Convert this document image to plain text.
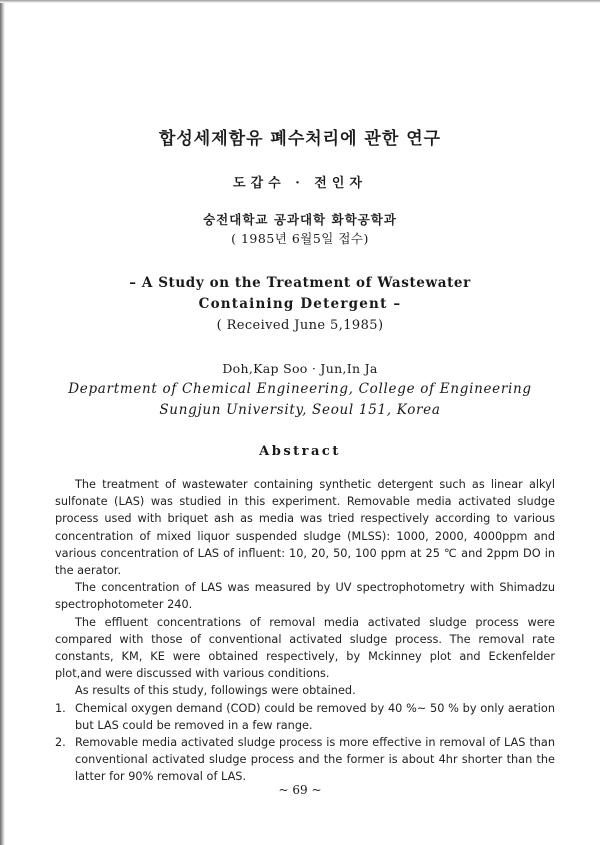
합성세제함유 폐수처리에 관한 연구
도갑수 · 전인자
숭전대학교 공과대학 화학공학과
( 1985년 6월5일 접수)
– A Study on the Treatment of Wastewater
Containing Detergent –
( Received June 5,1985)
Doh,Kap Soo · Jun,In Ja
Department of Chemical Engineering, College of Engineering
Sungjun University, Seoul 151, Korea
Abstract

The treatment of wastewater containing synthetic detergent such as linear alkyl sulfonate (LAS) was studied in this experiment. Removable media activated sludge process used with briquet ash as media was tried respectively according to various concentration of mixed liquor suspended sludge (MLSS): 1000, 2000, 4000ppm and various concentration of LAS of influent: 10, 20, 50, 100 ppm at 25 ℃ and 2ppm DO in the aerator.

The concentration of LAS was measured by UV spectrophotometry with Shimadzu spectrophotometer 240.

The effluent concentrations of removal media activated sludge process were compared with those of conventional activated sludge process. The removal rate constants, KM, KE were obtained respectively, by Mckinney plot and Eckenfelder plot,and were discussed with various conditions.

As results of this study, followings were obtained.

1. Chemical oxygen demand (COD) could be removed by 40 %~ 50 % by only aeration but LAS could be removed in a few range.

2. Removable media activated sludge process is more effective in removal of LAS than conventional activated sludge process and the former is about 4hr shorter than the latter for 90% removal of LAS.

~ 69 ~
